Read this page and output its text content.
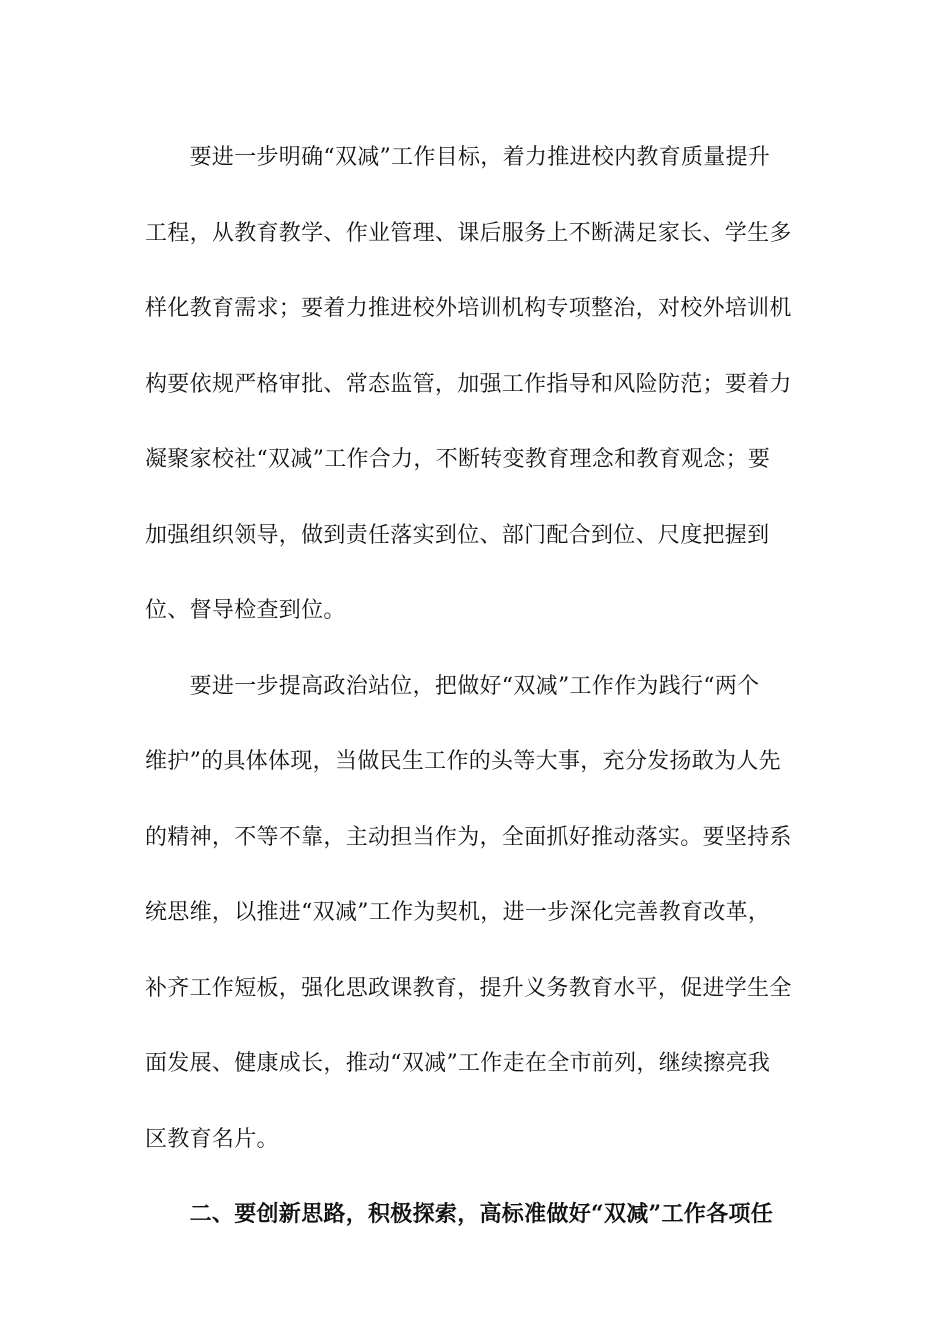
　　要进一步明确“双减”工作目标，着力推进校内教育质量提升
工程，从教育教学、作业管理、课后服务上不断满足家长、学生多
样化教育需求；要着力推进校外培训机构专项整治，对校外培训机
构要依规严格审批、常态监管，加强工作指导和风险防范；要着力
凝聚家校社“双减”工作合力，不断转变教育理念和教育观念；要
加强组织领导，做到责任落实到位、部门配合到位、尺度把握到
位、督导检查到位。
　　要进一步提高政治站位，把做好“双减”工作作为践行“两个
维护”的具体体现，当做民生工作的头等大事，充分发扬敢为人先
的精神，不等不靠，主动担当作为，全面抓好推动落实。要坚持系
统思维，以推进“双减”工作为契机，进一步深化完善教育改革，
补齐工作短板，强化思政课教育，提升义务教育水平，促进学生全
面发展、健康成长，推动“双减”工作走在全市前列，继续擦亮我
区教育名片。
　　二、要创新思路，积极探索，高标准做好“双减”工作各项任
